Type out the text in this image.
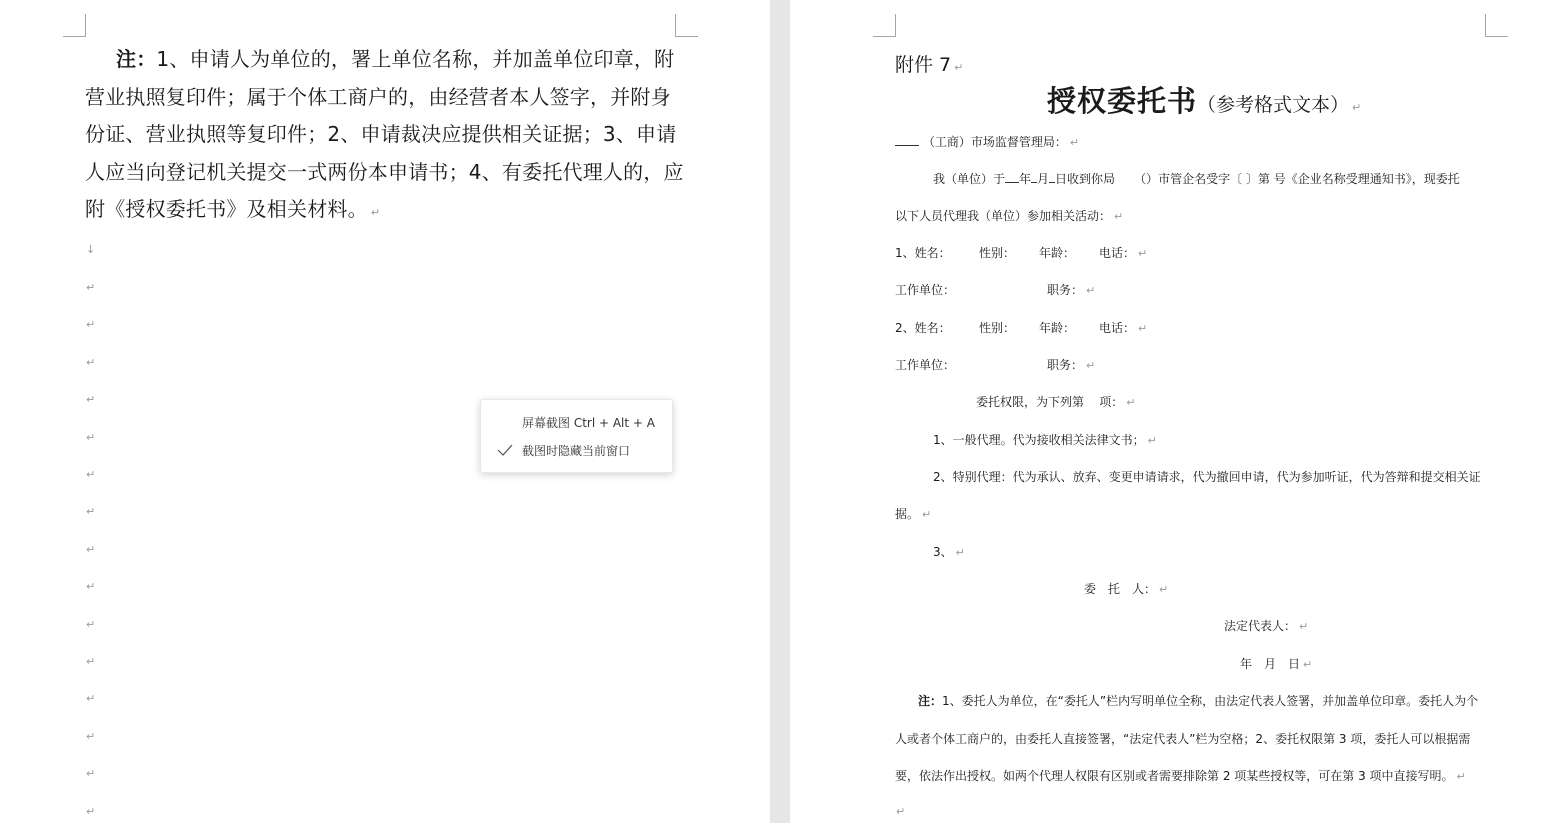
注：1、申请人为单位的，署上单位名称，并加盖单位印章，附营业执照复印件；属于个体工商户的，由经营者本人签字，并附身份证、营业执照等复印件；2、申请裁决应提供相关证据；3、申请人应当向登记机关提交一式两份本申请书；4、有委托代理人的，应附《授权委托书》及相关材料。 ↵
↓
↵
↵
↵
↵
↵
↵
↵
↵
↵
↵
↵
↵
↵
↵
↵
屏幕截图 Ctrl + Alt + A
截图时隐藏当前窗口
附件 7 ↵
授权委托书（参考格式文本） ↵
（工商）市场监督管理局： ↵
我（单位）于 年 月 日收到你局 （）市管企名受字〔 〕第 号《企业名称受理通知书》，现委托
以下人员代理我（单位）参加相关活动： ↵
1、姓名： 性别： 年龄： 电话： ↵
工作单位：	职务： ↵
2、姓名： 性别： 年龄： 电话： ↵
工作单位：	职务： ↵
委托权限，为下列第 项： ↵
1、一般代理。代为接收相关法律文书； ↵
2、特别代理：代为承认、放弃、变更申请请求，代为撤回申请，代为参加听证，代为答辩和提交相关证
据。 ↵
3、 ↵
委　托　人： ↵
法定代表人： ↵
年　月　日 ↵
注：1、委托人为单位，在“委托人”栏内写明单位全称，由法定代表人签署，并加盖单位印章。委托人为个
人或者个体工商户的，由委托人直接签署，“法定代表人”栏为空格；2、委托权限第 3 项，委托人可以根据需
要，依法作出授权。如两个代理人权限有区别或者需要排除第 2 项某些授权等，可在第 3 项中直接写明。 ↵
↵
